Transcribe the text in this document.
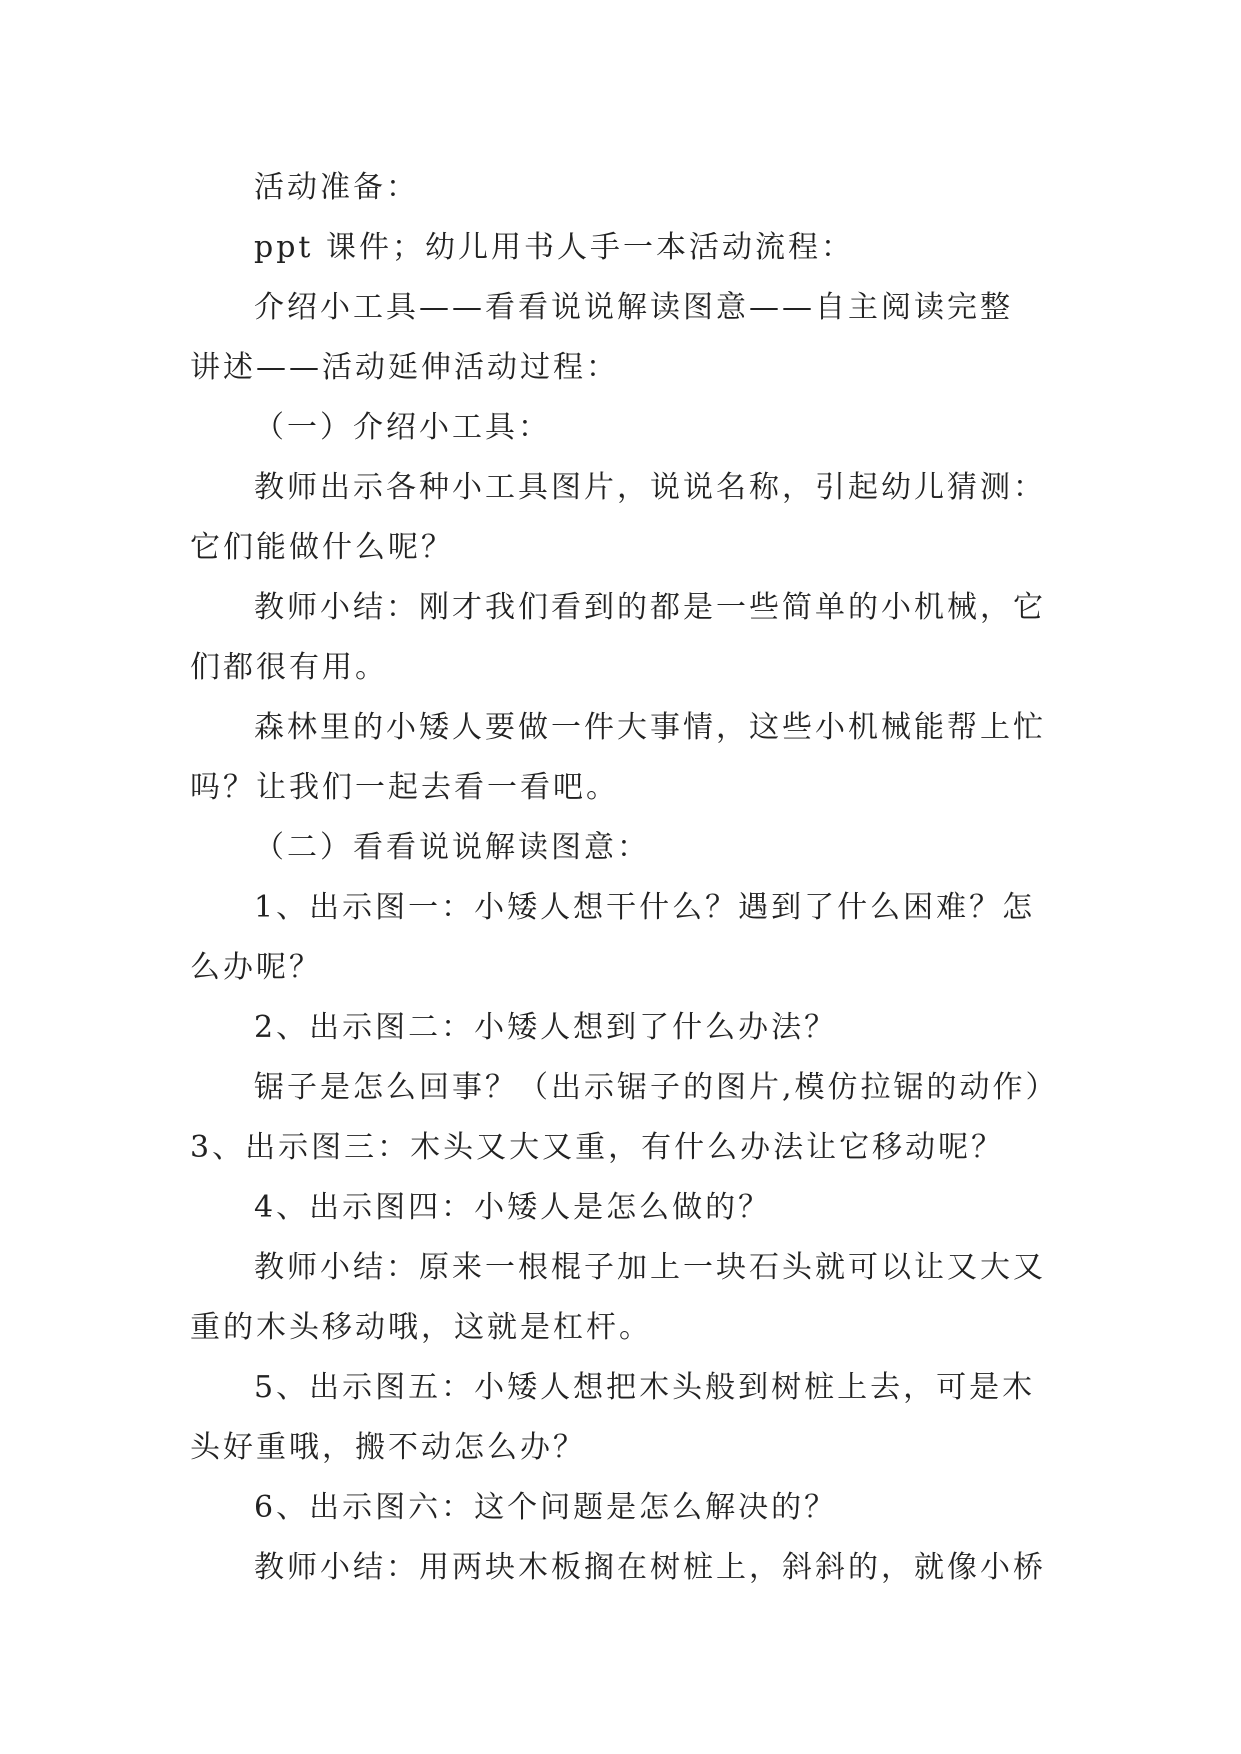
活动准备：
ppt 课件；幼儿用书人手一本活动流程：
介绍小工具——看看说说解读图意——自主阅读完整
讲述——活动延伸活动过程：
（一）介绍小工具：
教师出示各种小工具图片，说说名称，引起幼儿猜测：
它们能做什么呢？
教师小结：刚才我们看到的都是一些简单的小机械，它
们都很有用。
森林里的小矮人要做一件大事情，这些小机械能帮上忙
吗？让我们一起去看一看吧。
（二）看看说说解读图意：
1、出示图一：小矮人想干什么？遇到了什么困难？怎
么办呢？
2、出示图二：小矮人想到了什么办法？
锯子是怎么回事？（出示锯子的图片,模仿拉锯的动作）
3、出示图三：木头又大又重，有什么办法让它移动呢？
4、出示图四：小矮人是怎么做的？
教师小结：原来一根棍子加上一块石头就可以让又大又
重的木头移动哦，这就是杠杆。
5、出示图五：小矮人想把木头般到树桩上去，可是木
头好重哦，搬不动怎么办？
6、出示图六：这个问题是怎么解决的？
教师小结：用两块木板搁在树桩上，斜斜的，就像小桥
